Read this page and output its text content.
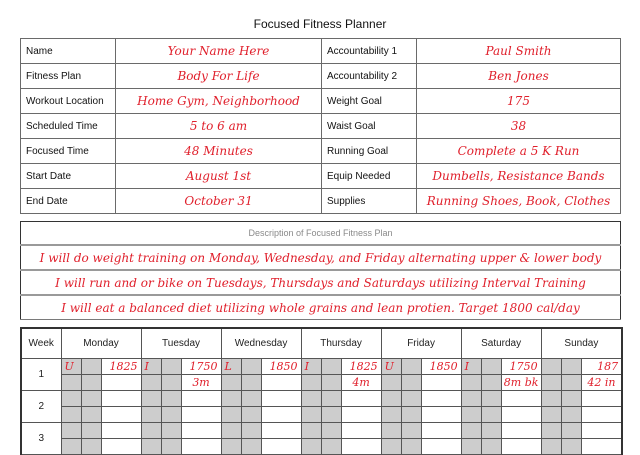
Focused Fitness Planner
Name	Your Name Here	Accountability 1	Paul Smith
Fitness Plan	Body For Life	Accountability 2	Ben Jones
Workout Location	Home Gym, Neighborhood	Weight Goal	175
Scheduled Time	5 to 6 am	Waist Goal	38
Focused Time	48 Minutes	Running Goal	Complete a 5 K Run
Start Date	August 1st	Equip Needed	Dumbells, Resistance Bands
End Date	October 31	Supplies	Running Shoes, Book, Clothes
Description of Focused Fitness Plan
I will do weight training on Monday, Wednesday, and Friday alternating upper & lower body
I will run and or bike on Tuesdays, Thursdays and Saturdays utilizing Interval Training
I will eat a balanced diet utilizing whole grains and lean protien. Target 1800 cal/day
Week	Monday			Tuesday			Wednesday			Thursday			Friday			Saturday			Sunday		
1	U		1825	I		1750	L		1850	I		1825	U		1850	I		1750			187
						3m						4m						8m bk			42 in
2																					

3																					
